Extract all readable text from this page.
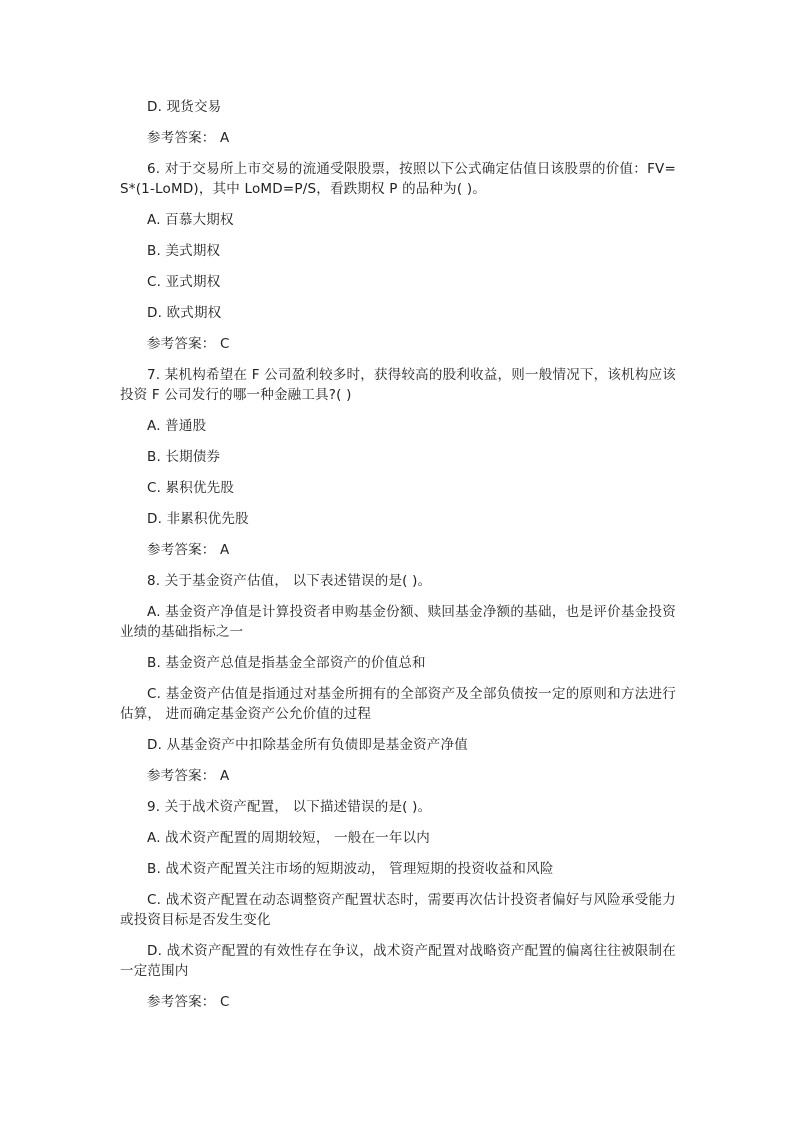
D. 现货交易

参考答案： A

6. 对于交易所上市交易的流通受限股票，按照以下公式确定估值日该股票的价值：FV=S*(1-LoMD)，其中 LoMD=P/S，看跌期权 P 的品种为( )。

A. 百慕大期权

B. 美式期权

C. 亚式期权

D. 欧式期权

参考答案： C

7. 某机构希望在 F 公司盈利较多时，获得较高的股利收益，则一般情况下，该机构应该投资 F 公司发行的哪一种金融工具?( )

A. 普通股

B. 长期债券

C. 累积优先股

D. 非累积优先股

参考答案： A

8. 关于基金资产估值， 以下表述错误的是( )。

A. 基金资产净值是计算投资者申购基金份额、赎回基金净额的基础，也是评价基金投资业绩的基础指标之一

B. 基金资产总值是指基金全部资产的价值总和

C. 基金资产估值是指通过对基金所拥有的全部资产及全部负债按一定的原则和方法进行估算， 进而确定基金资产公允价值的过程

D. 从基金资产中扣除基金所有负债即是基金资产净值

参考答案： A

9. 关于战术资产配置， 以下描述错误的是( )。

A. 战术资产配置的周期较短， 一般在一年以内

B. 战术资产配置关注市场的短期波动， 管理短期的投资收益和风险

C. 战术资产配置在动态调整资产配置状态时，需要再次估计投资者偏好与风险承受能力或投资目标是否发生变化

D. 战术资产配置的有效性存在争议，战术资产配置对战略资产配置的偏离往往被限制在一定范围内

参考答案： C
